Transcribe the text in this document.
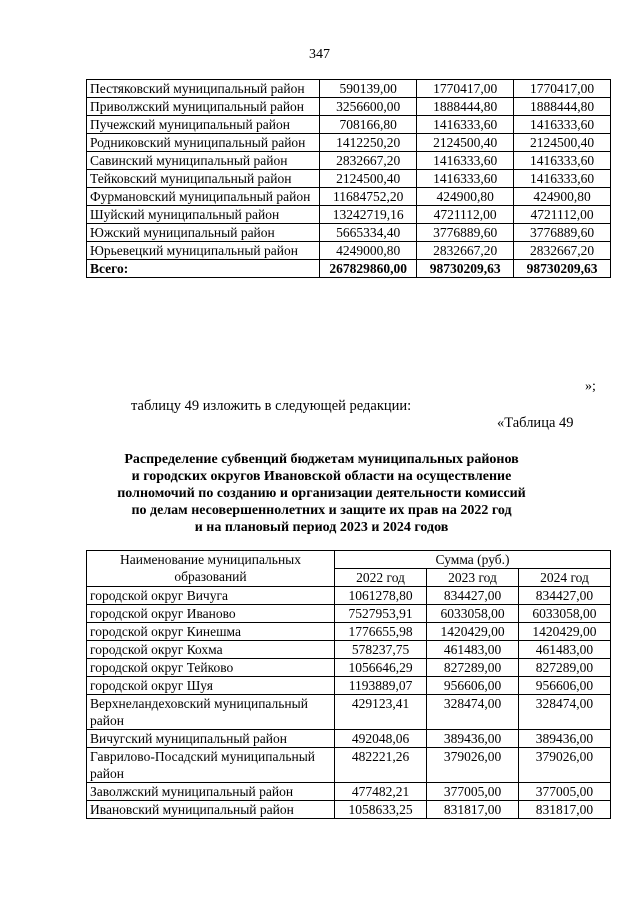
347
Пестяковский муниципальный район	590139,00	1770417,00	1770417,00
Приволжский муниципальный район	3256600,00	1888444,80	1888444,80
Пучежский муниципальный район	708166,80	1416333,60	1416333,60
Родниковский муниципальный район	1412250,20	2124500,40	2124500,40
Савинский муниципальный район	2832667,20	1416333,60	1416333,60
Тейковский муниципальный район	2124500,40	1416333,60	1416333,60
Фурмановский муниципальный район	11684752,20	424900,80	424900,80
Шуйский муниципальный район	13242719,16	4721112,00	4721112,00
Южский муниципальный район	5665334,40	3776889,60	3776889,60
Юрьевецкий муниципальный район	4249000,80	2832667,20	2832667,20
Всего:	267829860,00	98730209,63	98730209,63
»;
таблицу 49 изложить в следующей редакции:
«Таблица 49
Распределение субвенций бюджетам муниципальных районов
и городских округов Ивановской области на осуществление
полномочий по созданию и организации деятельности комиссий
по делам несовершеннолетних и защите их прав на 2022 год
и на плановый период 2023 и 2024 годов
Наименование муниципальных образований	Сумма (руб.)		
	2022 год	2023 год	2024 год
городской округ Вичуга	1061278,80	834427,00	834427,00
городской округ Иваново	7527953,91	6033058,00	6033058,00
городской округ Кинешма	1776655,98	1420429,00	1420429,00
городской округ Кохма	578237,75	461483,00	461483,00
городской округ Тейково	1056646,29	827289,00	827289,00
городской округ Шуя	1193889,07	956606,00	956606,00
Верхнеландеховский муниципальный район	429123,41	328474,00	328474,00
Вичугский муниципальный район	492048,06	389436,00	389436,00
Гаврилово-Посадский муниципальный район	482221,26	379026,00	379026,00
Заволжский муниципальный район	477482,21	377005,00	377005,00
Ивановский муниципальный район	1058633,25	831817,00	831817,00
